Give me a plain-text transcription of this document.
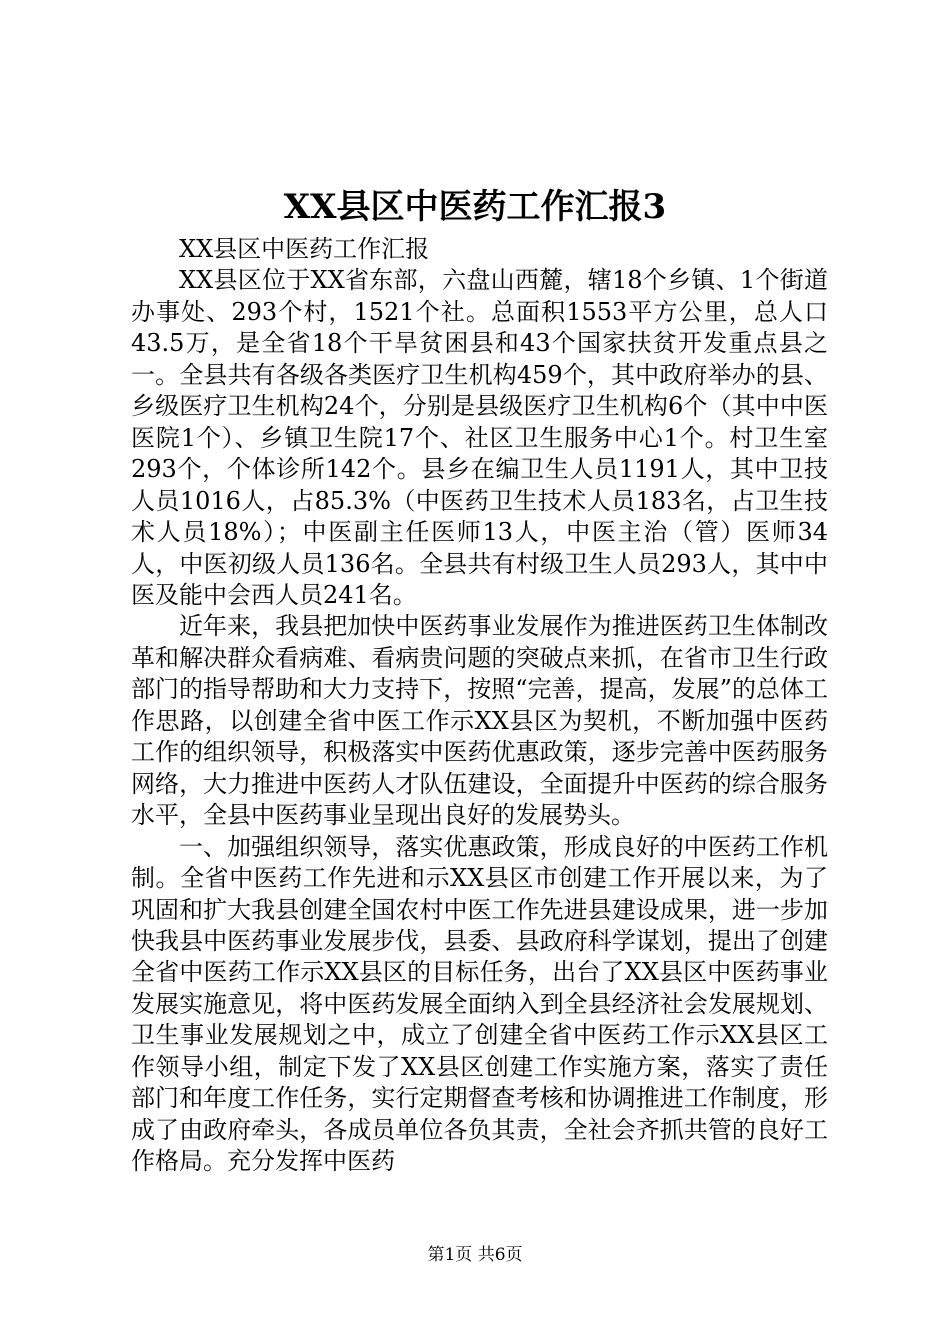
XX县区中医药工作汇报3

XX县区中医药工作汇报

XX县区位于XX省东部，六盘山西麓，辖18个乡镇、1个街道办事处、293个村，1521个社。总面积1553平方公里，总人口43.5万，是全省18个干旱贫困县和43个国家扶贫开发重点县之一。全县共有各级各类医疗卫生机构459个，其中政府举办的县、乡级医疗卫生机构24个，分别是县级医疗卫生机构6个（其中中医医院1个）、乡镇卫生院17个、社区卫生服务中心1个。村卫生室293个，个体诊所142个。县乡在编卫生人员1191人，其中卫技人员1016人，占85.3%（中医药卫生技术人员183名，占卫生技术人员18%）；中医副主任医师13人，中医主治（管）医师34人，中医初级人员136名。全县共有村级卫生人员293人，其中中医及能中会西人员241名。

近年来，我县把加快中医药事业发展作为推进医药卫生体制改革和解决群众看病难、看病贵问题的突破点来抓，在省市卫生行政部门的指导帮助和大力支持下，按照“完善，提高，发展”的总体工作思路，以创建全省中医工作示XX县区为契机，不断加强中医药工作的组织领导，积极落实中医药优惠政策，逐步完善中医药服务网络，大力推进中医药人才队伍建设，全面提升中医药的综合服务水平，全县中医药事业呈现出良好的发展势头。

一、加强组织领导，落实优惠政策，形成良好的中医药工作机制。全省中医药工作先进和示XX县区市创建工作开展以来，为了巩固和扩大我县创建全国农村中医工作先进县建设成果，进一步加快我县中医药事业发展步伐，县委、县政府科学谋划，提出了创建全省中医药工作示XX县区的目标任务，出台了XX县区中医药事业发展实施意见，将中医药发展全面纳入到全县经济社会发展规划、卫生事业发展规划之中，成立了创建全省中医药工作示XX县区工作领导小组，制定下发了XX县区创建工作实施方案，落实了责任部门和年度工作任务，实行定期督查考核和协调推进工作制度，形成了由政府牵头，各成员单位各负其责，全社会齐抓共管的良好工作格局。充分发挥中医药

第1页 共6页
